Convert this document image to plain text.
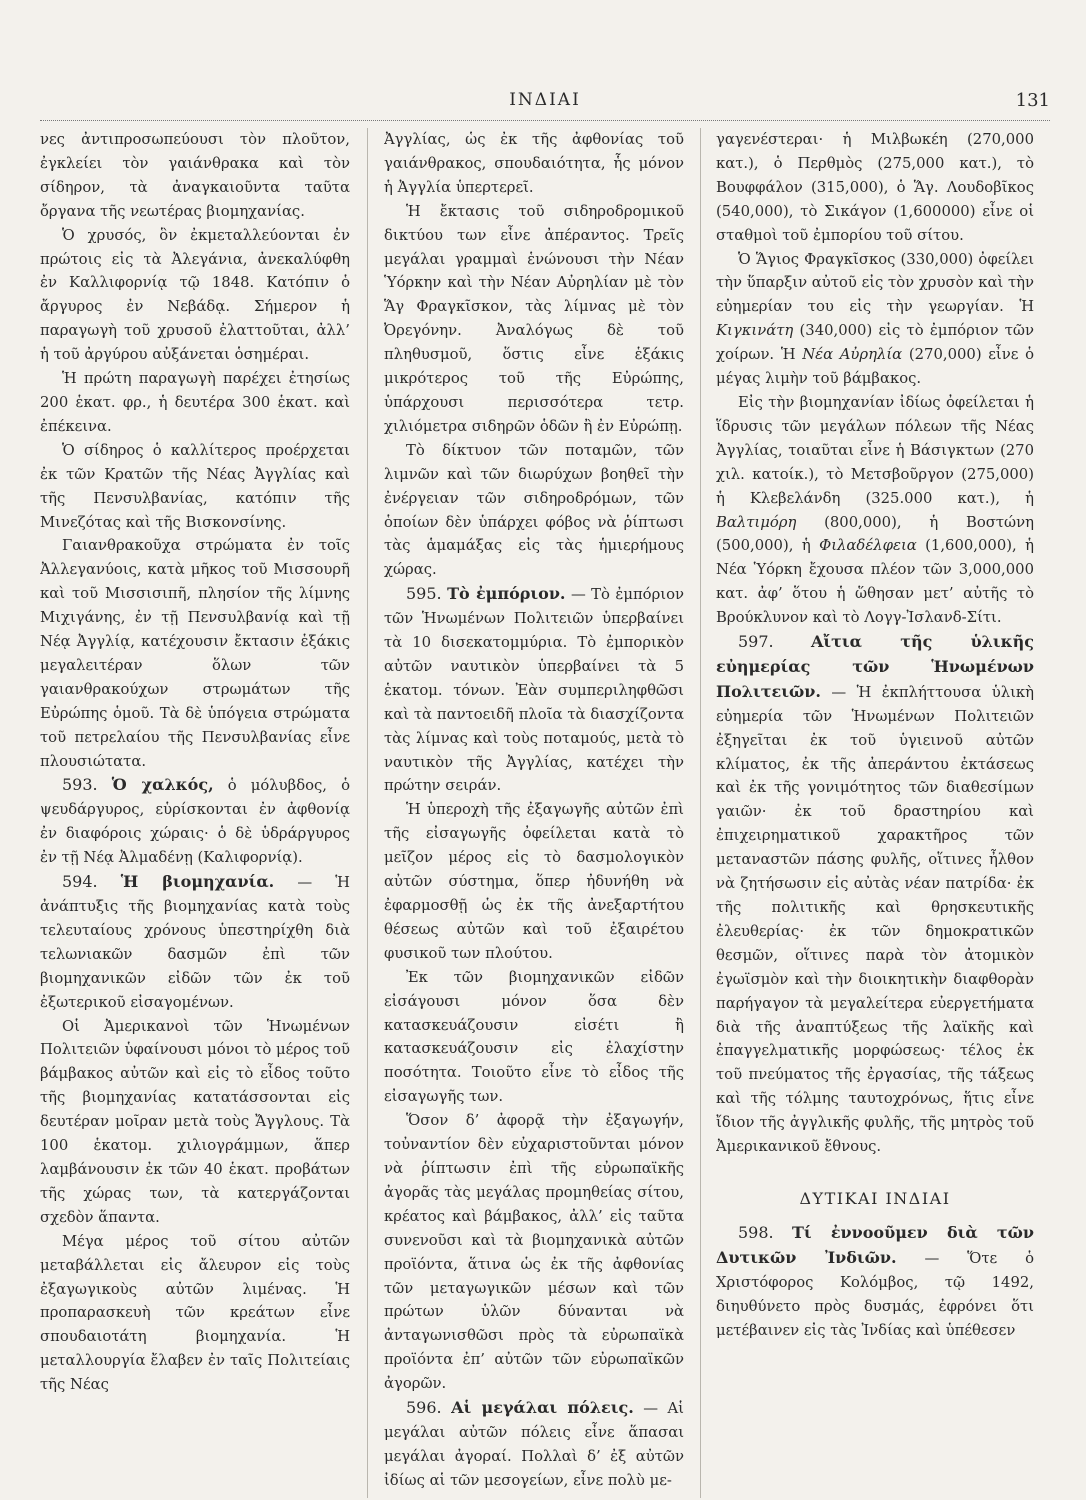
ΙΝΔΙΑΙ	131

νες ἀντιπροσωπεύουσι τὸν πλοῦτον, ἐγκλείει τὸν γαιάνθρακα καὶ τὸν σίδηρον, τὰ ἀναγκαιοῦντα ταῦτα ὄργανα τῆς νεωτέρας βιομηχανίας.

Ὁ χρυσός, ὃν ἐκμεταλλεύονται ἐν πρώτοις εἰς τὰ Ἀλεγάνια, ἀνεκαλύφθη ἐν Καλλιφορνίᾳ τῷ 1848. Κατόπιν ὁ ἄργυρος ἐν Νεβάδᾳ. Σήμερον ἡ παραγωγὴ τοῦ χρυσοῦ ἐλαττοῦται, ἀλλ’ ἡ τοῦ ἀργύρου αὐξάνεται ὁσημέραι.

Ἡ πρώτη παραγωγὴ παρέχει ἐτησίως 200 ἑκατ. φρ., ἡ δευτέρα 300 ἑκατ. καὶ ἐπέκεινα.

Ὁ σίδηρος ὁ καλλίτερος προέρχεται ἐκ τῶν Κρατῶν τῆς Νέας Ἀγγλίας καὶ τῆς Πενσυλβανίας, κατόπιν τῆς Μινεζότας καὶ τῆς Βισκονσίνης.

Γαιανθρακοῦχα στρώματα ἐν τοῖς Ἀλλεγανύοις, κατὰ μῆκος τοῦ Μισσουρῆ καὶ τοῦ Μισσισιπῆ, πλησίον τῆς λίμνης Μιχιγάνης, ἐν τῇ Πενσυλβανίᾳ καὶ τῇ Νέᾳ Ἀγγλίᾳ, κατέχουσιν ἔκτασιν ἑξάκις μεγαλειτέραν ὅλων τῶν γαιανθρακούχων στρωμάτων τῆς Εὐρώπης ὁμοῦ. Τὰ δὲ ὑπόγεια στρώματα τοῦ πετρελαίου τῆς Πενσυλβανίας εἶνε πλουσιώτατα.

593. Ὁ χαλκός, ὁ μόλυβδος, ὁ ψευδάργυρος, εὑρίσκονται ἐν ἀφθονίᾳ ἐν διαφόροις χώραις· ὁ δὲ ὑδράργυρος ἐν τῇ Νέᾳ Ἀλμαδένῃ (Καλιφορνίᾳ).

594. Ἡ βιομηχανία. — Ἡ ἀνάπτυξις τῆς βιομηχανίας κατὰ τοὺς τελευταίους χρόνους ὑπεστηρίχθη διὰ τελωνιακῶν δασμῶν ἐπὶ τῶν βιομηχανικῶν εἰδῶν τῶν ἐκ τοῦ ἐξωτερικοῦ εἰσαγομένων.

Οἱ Ἀμερικανοὶ τῶν Ἡνωμένων Πολιτειῶν ὑφαίνουσι μόνοι τὸ μέρος τοῦ βάμβακος αὐτῶν καὶ εἰς τὸ εἶδος τοῦτο τῆς βιομηχανίας κατατάσσονται εἰς δευτέραν μοῖραν μετὰ τοὺς Ἄγγλους. Τὰ 100 ἑκατομ. χιλιογράμμων, ἅπερ λαμβάνουσιν ἐκ τῶν 40 ἑκατ. προβάτων τῆς χώρας των, τὰ κατεργάζονται σχεδὸν ἅπαντα.

Μέγα μέρος τοῦ σίτου αὐτῶν μεταβάλλεται εἰς ἄλευρον εἰς τοὺς ἐξαγωγικοὺς αὐτῶν λιμένας. Ἡ προπαρασκευὴ τῶν κρεάτων εἶνε σπουδαιοτάτη βιομηχανία. Ἡ μεταλλουργία ἔλαβεν ἐν ταῖς Πολιτείαις τῆς Νέας

Ἀγγλίας, ὡς ἐκ τῆς ἀφθονίας τοῦ γαιάνθρακος, σπουδαιότητα, ἧς μόνον ἡ Ἀγγλία ὑπερτερεῖ.

Ἡ ἔκτασις τοῦ σιδηροδρομικοῦ δικτύου των εἶνε ἀπέραντος. Τρεῖς μεγάλαι γραμμαὶ ἑνώνουσι τὴν Νέαν Ὑόρκην καὶ τὴν Νέαν Αὐρηλίαν μὲ τὸν Ἅγ Φραγκῖσκον, τὰς λίμνας μὲ τὸν Ὀρεγόνην. Ἀναλόγως δὲ τοῦ πληθυσμοῦ, ὅστις εἶνε ἑξάκις μικρότερος τοῦ τῆς Εὐρώπης, ὑπάρχουσι περισσότερα τετρ. χιλιόμετρα σιδηρῶν ὁδῶν ἢ ἐν Εὐρώπῃ.

Τὸ δίκτυον τῶν ποταμῶν, τῶν λιμνῶν καὶ τῶν διωρύχων βοηθεῖ τὴν ἐνέργειαν τῶν σιδηροδρόμων, τῶν ὁποίων δὲν ὑπάρχει φόβος νὰ ῥίπτωσι τὰς ἁμαμάξας εἰς τὰς ἡμιερήμους χώρας.

595. Τὸ ἐμπόριον. — Τὸ ἐμπόριον τῶν Ἡνωμένων Πολιτειῶν ὑπερβαίνει τὰ 10 δισεκατομμύρια. Τὸ ἐμπορικὸν αὐτῶν ναυτικὸν ὑπερβαίνει τὰ 5 ἑκατομ. τόνων. Ἐὰν συμπεριληφθῶσι καὶ τὰ παντοειδῆ πλοῖα τὰ διασχίζοντα τὰς λίμνας καὶ τοὺς ποταμούς, μετὰ τὸ ναυτικὸν τῆς Ἀγγλίας, κατέχει τὴν πρώτην σειράν.

Ἡ ὑπεροχὴ τῆς ἐξαγωγῆς αὐτῶν ἐπὶ τῆς εἰσαγωγῆς ὀφείλεται κατὰ τὸ μεῖζον μέρος εἰς τὸ δασμολογικὸν αὐτῶν σύστημα, ὅπερ ἠδυνήθη νὰ ἐφαρμοσθῇ ὡς ἐκ τῆς ἀνεξαρτήτου θέσεως αὐτῶν καὶ τοῦ ἐξαιρέτου φυσικοῦ των πλούτου.

Ἐκ τῶν βιομηχανικῶν εἰδῶν εἰσάγουσι μόνον ὅσα δὲν κατασκευάζουσιν εἰσέτι ἢ κατασκευάζουσιν εἰς ἐλαχίστην ποσότητα. Τοιοῦτο εἶνε τὸ εἶδος τῆς εἰσαγωγῆς των.

Ὅσον δ’ ἀφορᾷ τὴν ἐξαγωγήν, τοὐναντίον δὲν εὐχαριστοῦνται μόνον νὰ ῥίπτωσιν ἐπὶ τῆς εὐρωπαϊκῆς ἀγορᾶς τὰς μεγάλας προμηθείας σίτου, κρέατος καὶ βάμβακος, ἀλλ’ εἰς ταῦτα συνενοῦσι καὶ τὰ βιομηχανικὰ αὐτῶν προϊόντα, ἅτινα ὡς ἐκ τῆς ἀφθονίας τῶν μεταγωγικῶν μέσων καὶ τῶν πρώτων ὑλῶν δύνανται νὰ ἀνταγωνισθῶσι πρὸς τὰ εὐρωπαϊκὰ προϊόντα ἐπ’ αὐτῶν τῶν εὐρωπαϊκῶν ἀγορῶν.

596. Αἱ μεγάλαι πόλεις. — Αἱ μεγάλαι αὐτῶν πόλεις εἶνε ἅπασαι μεγάλαι ἀγοραί. Πολλαὶ δ’ ἐξ αὐτῶν ἰδίως αἱ τῶν μεσογείων, εἶνε πολὺ με-

γαγενέστεραι· ἡ Μιλβωκέη (270,000 κατ.), ὁ Περθμὸς (275,000 κατ.), τὸ Βουφφάλον (315,000), ὁ Ἅγ. Λουδοβῖκος (540,000), τὸ Σικάγον (1,600000) εἶνε οἱ σταθμοὶ τοῦ ἐμπορίου τοῦ σίτου.

Ὁ Ἅγιος Φραγκῖσκος (330,000) ὀφείλει τὴν ὕπαρξιν αὐτοῦ εἰς τὸν χρυσὸν καὶ τὴν εὐημερίαν του εἰς τὴν γεωργίαν. Ἡ Κιγκινάτη (340,000) εἰς τὸ ἐμπόριον τῶν χοίρων. Ἡ Νέα Αὐρηλία (270,000) εἶνε ὁ μέγας λιμὴν τοῦ βάμβακος.

Εἰς τὴν βιομηχανίαν ἰδίως ὀφείλεται ἡ ἵδρυσις τῶν μεγάλων πόλεων τῆς Νέας Ἀγγλίας, τοιαῦται εἶνε ἡ Βάσιγκτων (270 χιλ. κατοίκ.), τὸ Μετσβοῦργον (275,000) ἡ Κλεβελάνδη (325.000 κατ.), ἡ Βαλτιμόρη (800,000), ἡ Βοστώνη (500,000), ἡ Φιλαδέλφεια (1,600,000), ἡ Νέα Ὑόρκη ἔχουσα πλέον τῶν 3,000,000 κατ. ἀφ’ ὅτου ἡ ὥθησαν μετ’ αὐτῆς τὸ Βρούκλυνον καὶ τὸ Λογγ-Ἰσλανδ-Σίτι.

597. Αἴτια τῆς ὑλικῆς εὐημερίας τῶν Ἡνωμένων Πολιτειῶν. — Ἡ ἐκπλήττουσα ὑλικὴ εὐημερία τῶν Ἡνωμένων Πολιτειῶν ἐξηγεῖται ἐκ τοῦ ὑγιεινοῦ αὐτῶν κλίματος, ἐκ τῆς ἀπεράντου ἐκτάσεως καὶ ἐκ τῆς γονιμότητος τῶν διαθεσίμων γαιῶν· ἐκ τοῦ δραστηρίου καὶ ἐπιχειρηματικοῦ χαρακτῆρος τῶν μεταναστῶν πάσης φυλῆς, οἵτινες ἦλθον νὰ ζητήσωσιν εἰς αὐτὰς νέαν πατρίδα· ἐκ τῆς πολιτικῆς καὶ θρησκευτικῆς ἐλευθερίας· ἐκ τῶν δημοκρατικῶν θεσμῶν, οἵτινες παρὰ τὸν ἀτομικὸν ἐγωϊσμὸν καὶ τὴν διοικητικὴν διαφθορὰν παρήγαγον τὰ μεγαλείτερα εὐεργετήματα διὰ τῆς ἀναπτύξεως τῆς λαϊκῆς καὶ ἐπαγγελματικῆς μορφώσεως· τέλος ἐκ τοῦ πνεύματος τῆς ἐργασίας, τῆς τάξεως καὶ τῆς τόλμης ταυτοχρόνως, ἥτις εἶνε ἴδιον τῆς ἀγγλικῆς φυλῆς, τῆς μητρὸς τοῦ Ἀμερικανικοῦ ἔθνους.

ΔΥΤΙΚΑΙ ΙΝΔΙΑΙ

598. Τί ἐννοοῦμεν διὰ τῶν Δυτικῶν Ἰνδιῶν. — Ὅτε ὁ Χριστόφορος Κολόμβος, τῷ 1492, διηυθύνετο πρὸς δυσμάς, ἐφρόνει ὅτι μετέβαινεν εἰς τὰς Ἰνδίας καὶ ὑπέθεσεν
